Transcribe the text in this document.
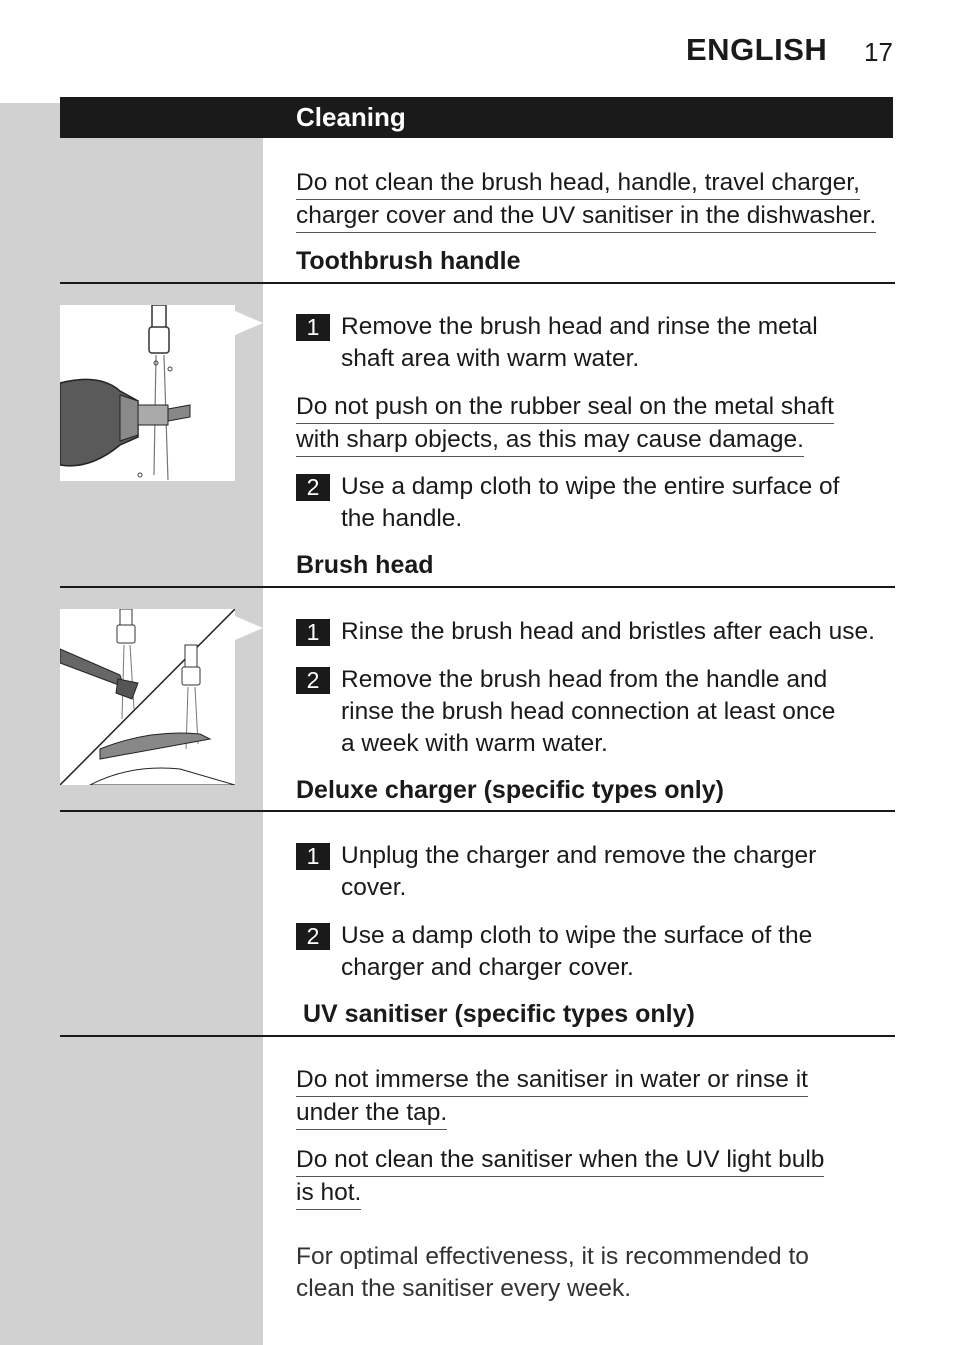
ENGLISH 17
Cleaning
Do not clean the brush head, handle, travel charger,
charger cover and the UV sanitiser in the dishwasher.
Toothbrush handle
1 Remove the brush head and rinse the metal
shaft area with warm water.
Do not push on the rubber seal on the metal shaft
with sharp objects, as this may cause damage.
2 Use a damp cloth to wipe the entire surface of
the handle.
Brush head
1 Rinse the brush head and bristles after each use.
2 Remove the brush head from the handle and
rinse the brush head connection at least once
a week with warm water.
Deluxe charger (specific types only)
1 Unplug the charger and remove the charger
cover.
2 Use a damp cloth to wipe the surface of the
charger and charger cover.
UV sanitiser (specific types only)
Do not immerse the sanitiser in water or rinse it
under the tap.
Do not clean the sanitiser when the UV light bulb
is hot.
For optimal effectiveness, it is recommended to
clean the sanitiser every week.
